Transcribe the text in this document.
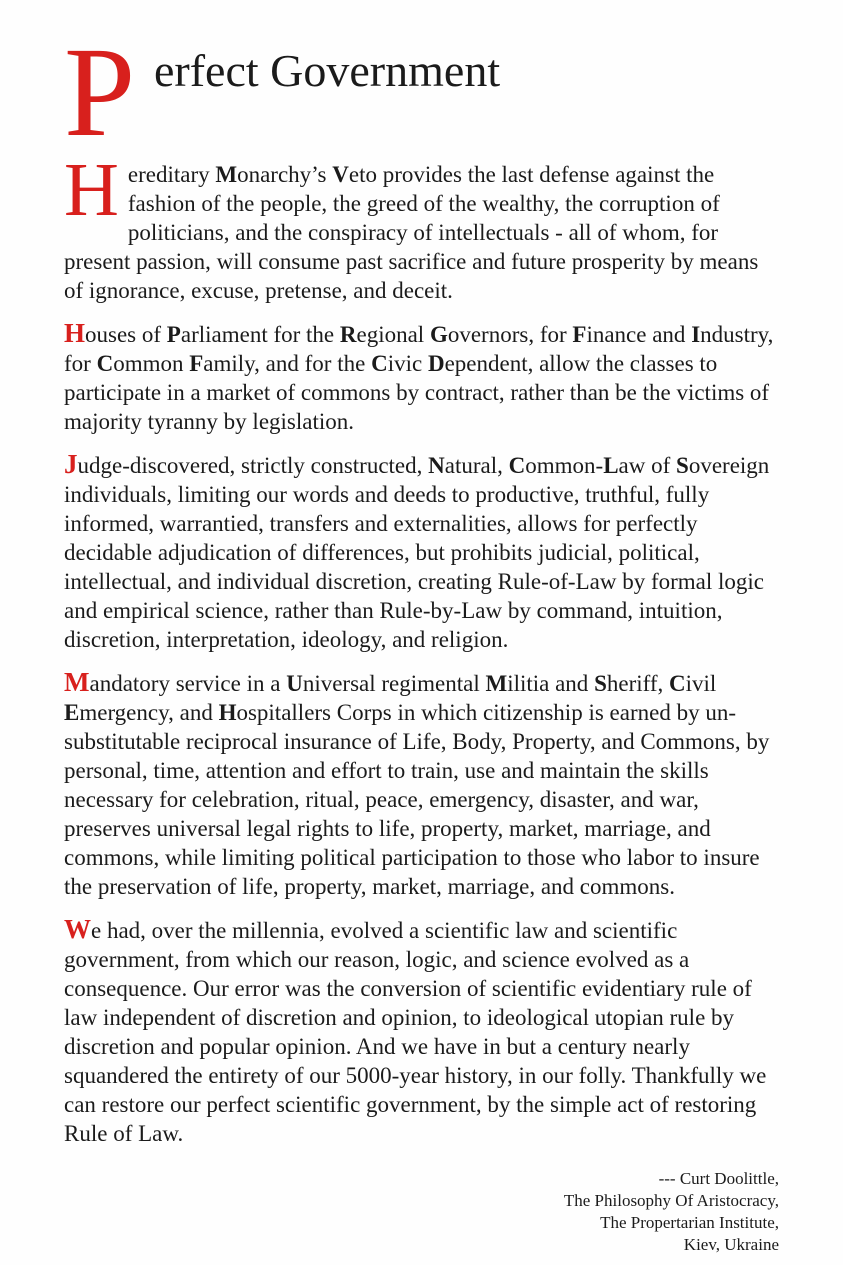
P erfect Government

Hereditary Monarchy’s Veto provides the last defense against the fashion of the people, the greed of the wealthy, the corruption of politicians, and the conspiracy of intellectuals - all of whom, for present passion, will consume past sacrifice and future prosperity by means of ignorance, excuse, pretense, and deceit.

Houses of Parliament for the Regional Governors, for Finance and Industry, for Common Family, and for the Civic Dependent, allow the classes to participate in a market of commons by contract, rather than be the victims of majority tyranny by legislation.

Judge-discovered, strictly constructed, Natural, Common-Law of Sovereign individuals, limiting our words and deeds to productive, truthful, fully informed, warrantied, transfers and externalities, allows for perfectly decidable adjudication of differences, but prohibits judicial, political, intellectual, and individual discretion, creating Rule-of-Law by formal logic and empirical science, rather than Rule-by-Law by command, intuition, discretion, interpretation, ideology, and religion.

Mandatory service in a Universal regimental Militia and Sheriff, Civil Emergency, and Hospitallers Corps in which citizenship is earned by un-substitutable reciprocal insurance of Life, Body, Property, and Commons, by personal, time, attention and effort to train, use and maintain the skills necessary for celebration, ritual, peace, emergency, disaster, and war, preserves universal legal rights to life, property, market, marriage, and commons, while limiting political participation to those who labor to insure the preservation of life, property, market, marriage, and commons.

We had, over the millennia, evolved a scientific law and scientific government, from which our reason, logic, and science evolved as a consequence. Our error was the conversion of scientific evidentiary rule of law independent of discretion and opinion, to ideological utopian rule by discretion and popular opinion. And we have in but a century nearly squandered the entirety of our 5000-year history, in our folly. Thankfully we can restore our perfect scientific government, by the simple act of restoring Rule of Law.

--- Curt Doolittle,
The Philosophy Of Aristocracy,
The Propertarian Institute,
Kiev, Ukraine
